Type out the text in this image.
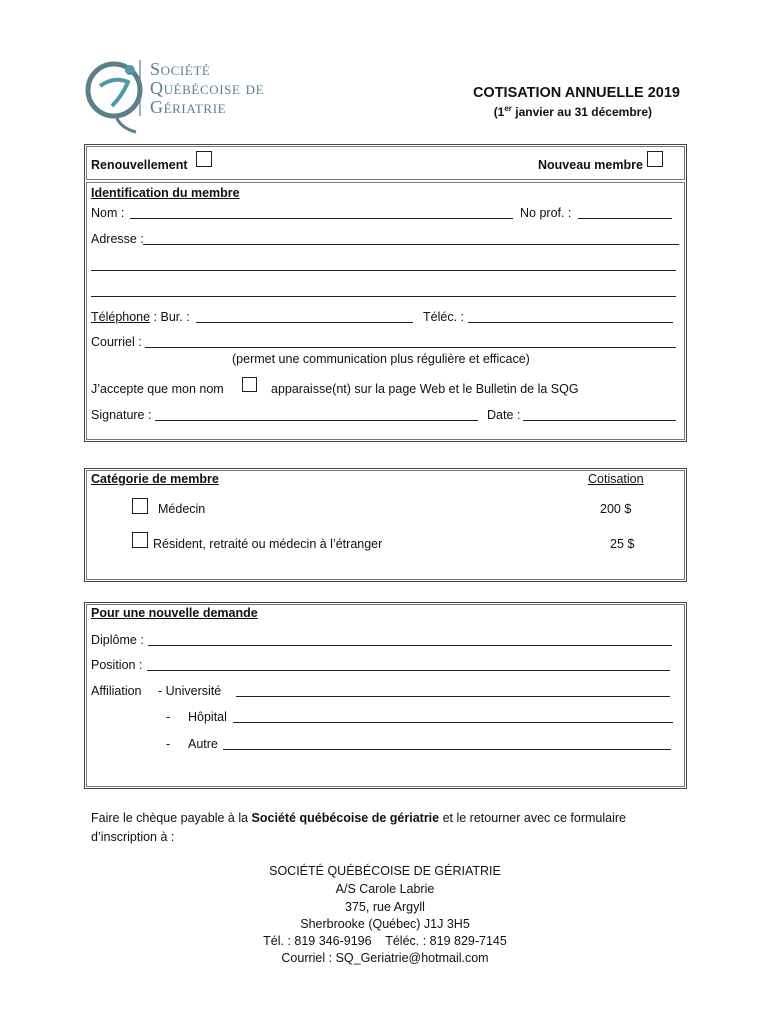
Société
Québécoise de
Gériatrie
COTISATION ANNUELLE 2019
(1er janvier au 31 décembre)
Renouvellement	Nouveau membre
Identification du membre
Nom :	No prof. :
Adresse :
Téléphone : Bur. :	Téléc. :
Courriel :
(permet une communication plus régulière et efficace)
J’accepte que mon nom	apparaisse(nt) sur la page Web et le Bulletin de la SQG
Signature :	Date :
Catégorie de membre	Cotisation
Médecin	200 $
Résident, retraité ou médecin à l’étranger	25 $
Pour une nouvelle demande
Diplôme :
Position :
Affiliation - Université
- Hôpital
- Autre
Faire le chèque payable à la Société québécoise de gériatrie et le retourner avec ce formulaire
d’inscription à :
SOCIÉTÉ QUÉBÉCOISE DE GÉRIATRIE
A/S Carole Labrie
375, rue Argyll
Sherbrooke (Québec) J1J 3H5
Tél. : 819 346-9196    Téléc. : 819 829-7145
Courriel : SQ_Geriatrie@hotmail.com
